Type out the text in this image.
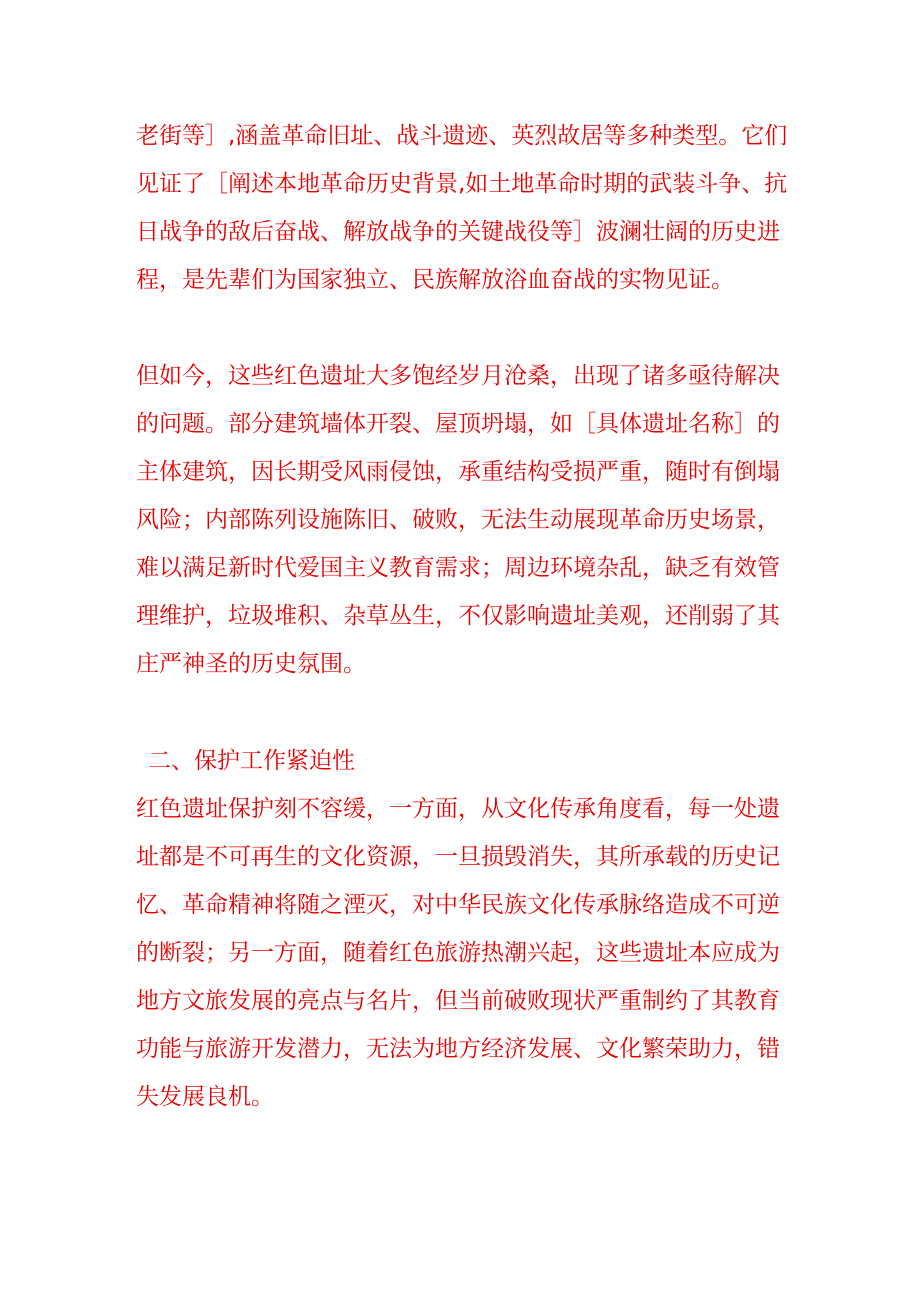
老街等］,涵盖革命旧址、战斗遗迹、英烈故居等多种类型。它们
见证了［阐述本地革命历史背景,如土地革命时期的武装斗争、抗
日战争的敌后奋战、解放战争的关键战役等］波澜壮阔的历史进
程，是先辈们为国家独立、民族解放浴血奋战的实物见证。
但如今，这些红色遗址大多饱经岁月沧桑，出现了诸多亟待解决
的问题。部分建筑墙体开裂、屋顶坍塌，如［具体遗址名称］的
主体建筑，因长期受风雨侵蚀，承重结构受损严重，随时有倒塌
风险；内部陈列设施陈旧、破败，无法生动展现革命历史场景，
难以满足新时代爱国主义教育需求；周边环境杂乱，缺乏有效管
理维护，垃圾堆积、杂草丛生，不仅影响遗址美观，还削弱了其
庄严神圣的历史氛围。
二、保护工作紧迫性
红色遗址保护刻不容缓，一方面，从文化传承角度看，每一处遗
址都是不可再生的文化资源，一旦损毁消失，其所承载的历史记
忆、革命精神将随之湮灭，对中华民族文化传承脉络造成不可逆
的断裂；另一方面，随着红色旅游热潮兴起，这些遗址本应成为
地方文旅发展的亮点与名片，但当前破败现状严重制约了其教育
功能与旅游开发潜力，无法为地方经济发展、文化繁荣助力，错
失发展良机。
